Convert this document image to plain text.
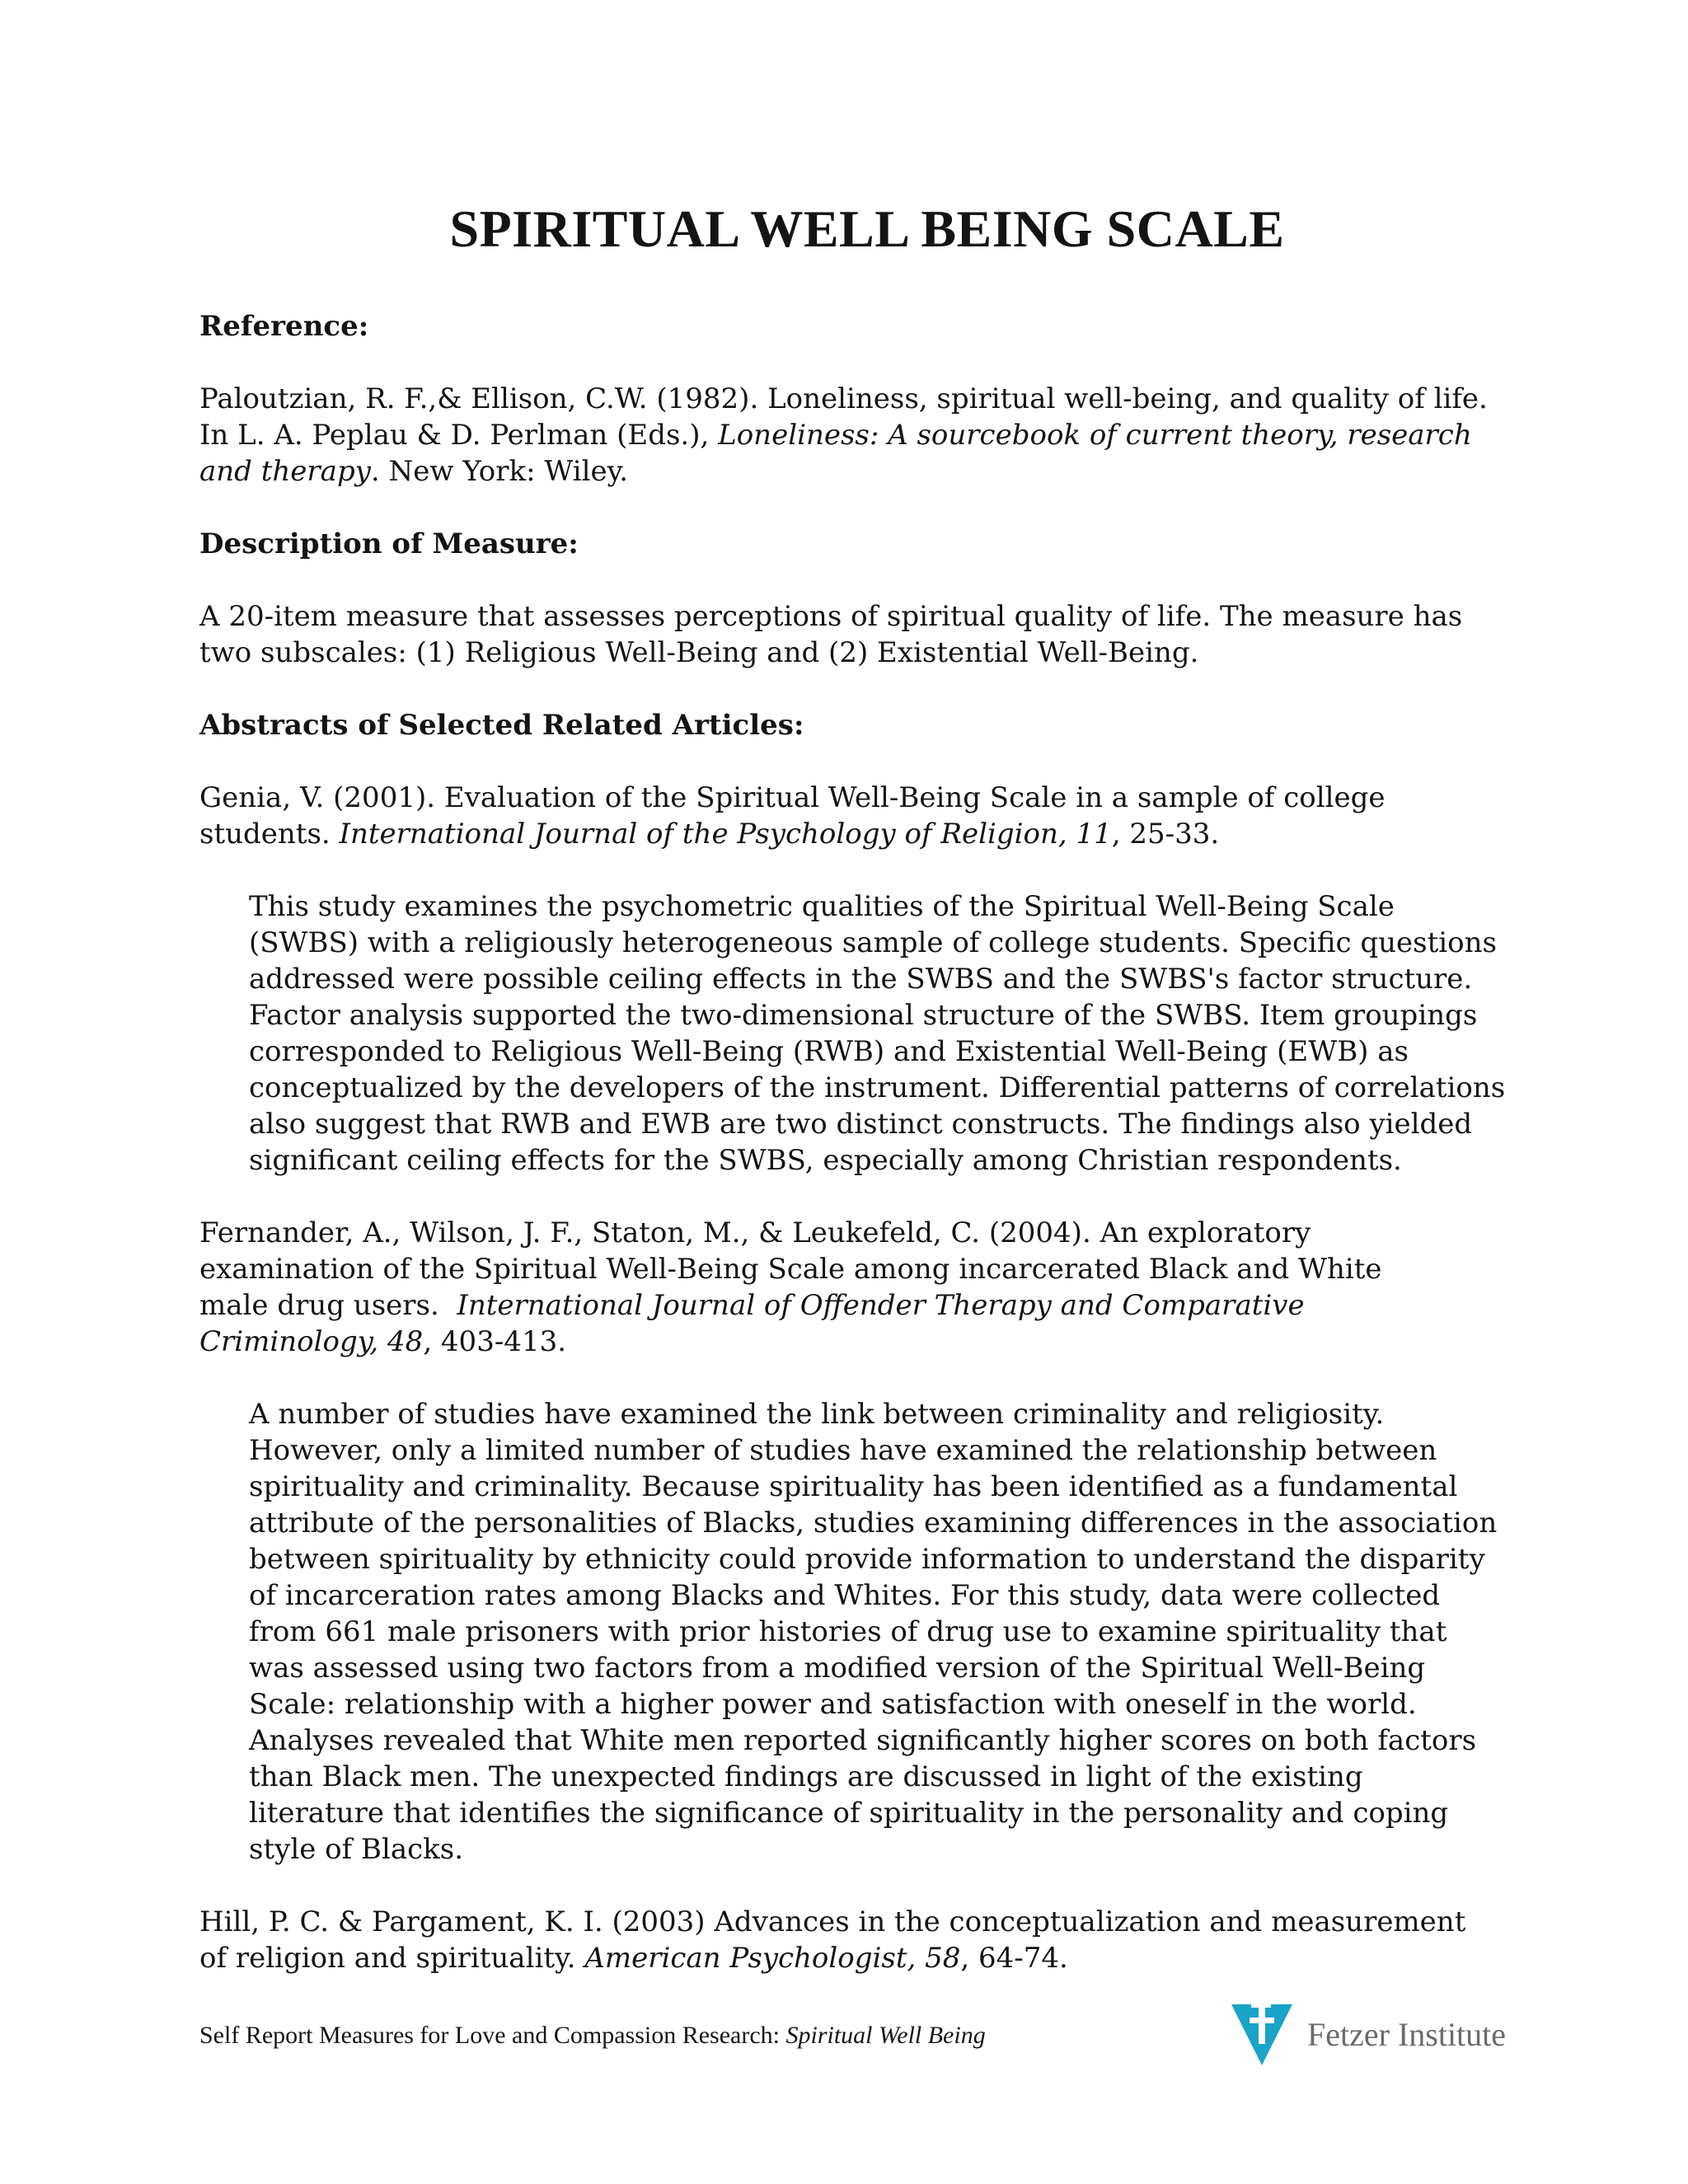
SPIRITUAL WELL BEING SCALE
Reference:
Paloutzian, R. F.,& Ellison, C.W. (1982). Loneliness, spiritual well-being, and quality of life.
In L. A. Peplau & D. Perlman (Eds.), Loneliness: A sourcebook of current theory, research
and therapy. New York: Wiley.
Description of Measure:
A 20-item measure that assesses perceptions of spiritual quality of life. The measure has
two subscales: (1) Religious Well-Being and (2) Existential Well-Being.
Abstracts of Selected Related Articles:
Genia, V. (2001). Evaluation of the Spiritual Well-Being Scale in a sample of college
students. International Journal of the Psychology of Religion, 11, 25-33.
This study examines the psychometric qualities of the Spiritual Well-Being Scale
(SWBS) with a religiously heterogeneous sample of college students. Specific questions
addressed were possible ceiling effects in the SWBS and the SWBS's factor structure.
Factor analysis supported the two-dimensional structure of the SWBS. Item groupings
corresponded to Religious Well-Being (RWB) and Existential Well-Being (EWB) as
conceptualized by the developers of the instrument. Differential patterns of correlations
also suggest that RWB and EWB are two distinct constructs. The findings also yielded
significant ceiling effects for the SWBS, especially among Christian respondents.
Fernander, A., Wilson, J. F., Staton, M., & Leukefeld, C. (2004). An exploratory
examination of the Spiritual Well-Being Scale among incarcerated Black and White
male drug users.  International Journal of Offender Therapy and Comparative
Criminology, 48, 403-413.
A number of studies have examined the link between criminality and religiosity.
However, only a limited number of studies have examined the relationship between
spirituality and criminality. Because spirituality has been identified as a fundamental
attribute of the personalities of Blacks, studies examining differences in the association
between spirituality by ethnicity could provide information to understand the disparity
of incarceration rates among Blacks and Whites. For this study, data were collected
from 661 male prisoners with prior histories of drug use to examine spirituality that
was assessed using two factors from a modified version of the Spiritual Well-Being
Scale: relationship with a higher power and satisfaction with oneself in the world.
Analyses revealed that White men reported significantly higher scores on both factors
than Black men. The unexpected findings are discussed in light of the existing
literature that identifies the significance of spirituality in the personality and coping
style of Blacks.
Hill, P. C. & Pargament, K. I. (2003) Advances in the conceptualization and measurement
of religion and spirituality. American Psychologist, 58, 64-74.
Self Report Measures for Love and Compassion Research: Spiritual Well Being	Fetzer Institute
